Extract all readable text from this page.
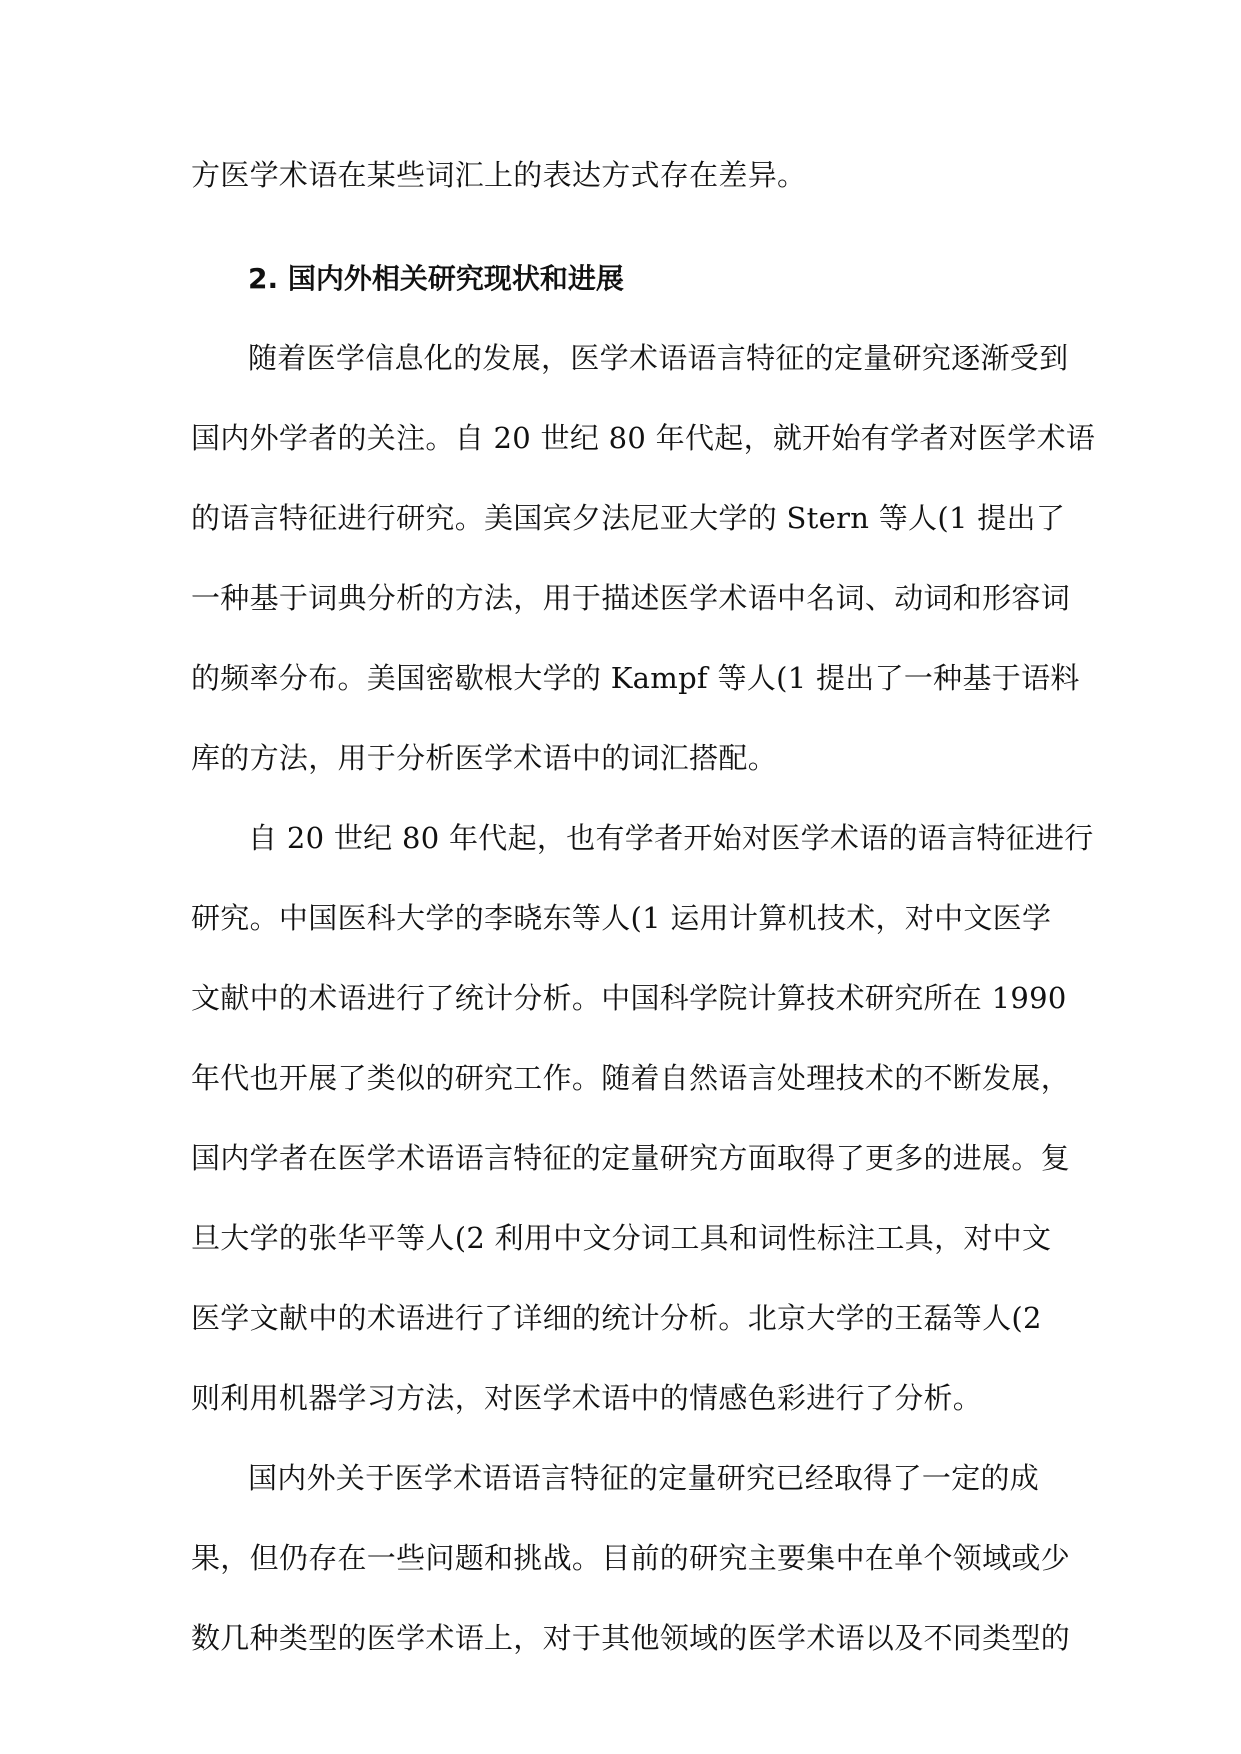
方医学术语在某些词汇上的表达方式存在差异。
2. 国内外相关研究现状和进展
随着医学信息化的发展，医学术语语言特征的定量研究逐渐受到
国内外学者的关注。自 20 世纪 80 年代起，就开始有学者对医学术语
的语言特征进行研究。美国宾夕法尼亚大学的 Stern 等人(1 提出了
一种基于词典分析的方法，用于描述医学术语中名词、动词和形容词
的频率分布。美国密歇根大学的 Kampf 等人(1 提出了一种基于语料
库的方法，用于分析医学术语中的词汇搭配。
自 20 世纪 80 年代起，也有学者开始对医学术语的语言特征进行
研究。中国医科大学的李晓东等人(1 运用计算机技术，对中文医学
文献中的术语进行了统计分析。中国科学院计算技术研究所在 1990
年代也开展了类似的研究工作。随着自然语言处理技术的不断发展，
国内学者在医学术语语言特征的定量研究方面取得了更多的进展。复
旦大学的张华平等人(2 利用中文分词工具和词性标注工具，对中文
医学文献中的术语进行了详细的统计分析。北京大学的王磊等人(2
则利用机器学习方法，对医学术语中的情感色彩进行了分析。
国内外关于医学术语语言特征的定量研究已经取得了一定的成
果，但仍存在一些问题和挑战。目前的研究主要集中在单个领域或少
数几种类型的医学术语上，对于其他领域的医学术语以及不同类型的
